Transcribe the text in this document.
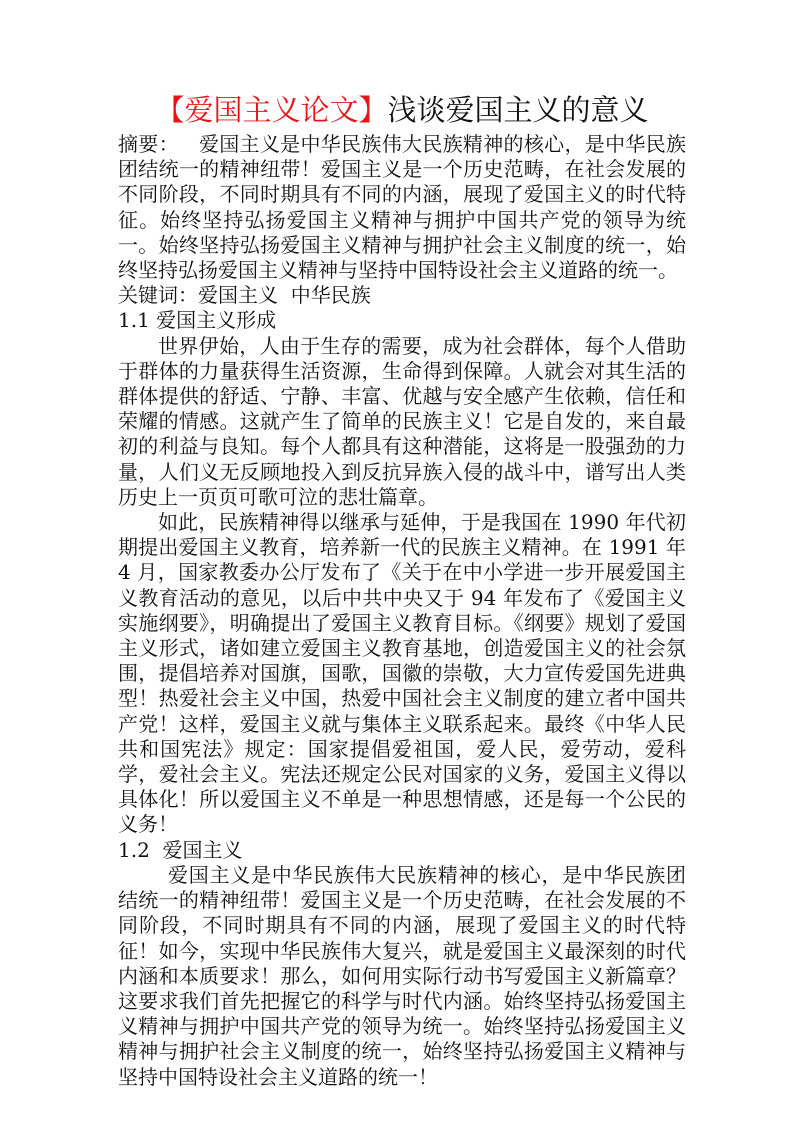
【爱国主义论文】浅谈爱国主义的意义

摘要： 爱国主义是中华民族伟大民族精神的核心，是中华民族团结统一的精神纽带！爱国主义是一个历史范畴，在社会发展的不同阶段，不同时期具有不同的内涵，展现了爱国主义的时代特征。始终坚持弘扬爱国主义精神与拥护中国共产党的领导为统一。始终坚持弘扬爱国主义精神与拥护社会主义制度的统一，始终坚持弘扬爱国主义精神与坚持中国特设社会主义道路的统一。

关键词：爱国主义  中华民族

1.1 爱国主义形成

世界伊始，人由于生存的需要，成为社会群体，每个人借助于群体的力量获得生活资源，生命得到保障。人就会对其生活的群体提供的舒适、宁静、丰富、优越与安全感产生依赖，信任和荣耀的情感。这就产生了简单的民族主义！它是自发的，来自最初的利益与良知。每个人都具有这种潜能，这将是一股强劲的力量，人们义无反顾地投入到反抗异族入侵的战斗中，谱写出人类历史上一页页可歌可泣的悲壮篇章。

如此，民族精神得以继承与延伸，于是我国在 1990 年代初期提出爱国主义教育，培养新一代的民族主义精神。在 1991 年 4 月，国家教委办公厅发布了《关于在中小学进一步开展爱国主义教育活动的意见，以后中共中央又于 94 年发布了《爱国主义实施纲要》，明确提出了爱国主义教育目标。《纲要》规划了爱国主义形式，诸如建立爱国主义教育基地，创造爱国主义的社会氛围，提倡培养对国旗，国歌，国徽的崇敬，大力宣传爱国先进典型！热爱社会主义中国，热爱中国社会主义制度的建立者中国共产党！这样，爱国主义就与集体主义联系起来。最终《中华人民共和国宪法》规定：国家提倡爱祖国，爱人民，爱劳动，爱科学，爱社会主义。宪法还规定公民对国家的义务，爱国主义得以具体化！所以爱国主义不单是一种思想情感，还是每一个公民的义务！

1.2  爱国主义

爱国主义是中华民族伟大民族精神的核心，是中华民族团结统一的精神纽带！爱国主义是一个历史范畴，在社会发展的不同阶段，不同时期具有不同的内涵，展现了爱国主义的时代特征！如今，实现中华民族伟大复兴，就是爱国主义最深刻的时代内涵和本质要求！那么，如何用实际行动书写爱国主义新篇章？这要求我们首先把握它的科学与时代内涵。始终坚持弘扬爱国主义精神与拥护中国共产党的领导为统一。始终坚持弘扬爱国主义精神与拥护社会主义制度的统一，始终坚持弘扬爱国主义精神与坚持中国特设社会主义道路的统一！
